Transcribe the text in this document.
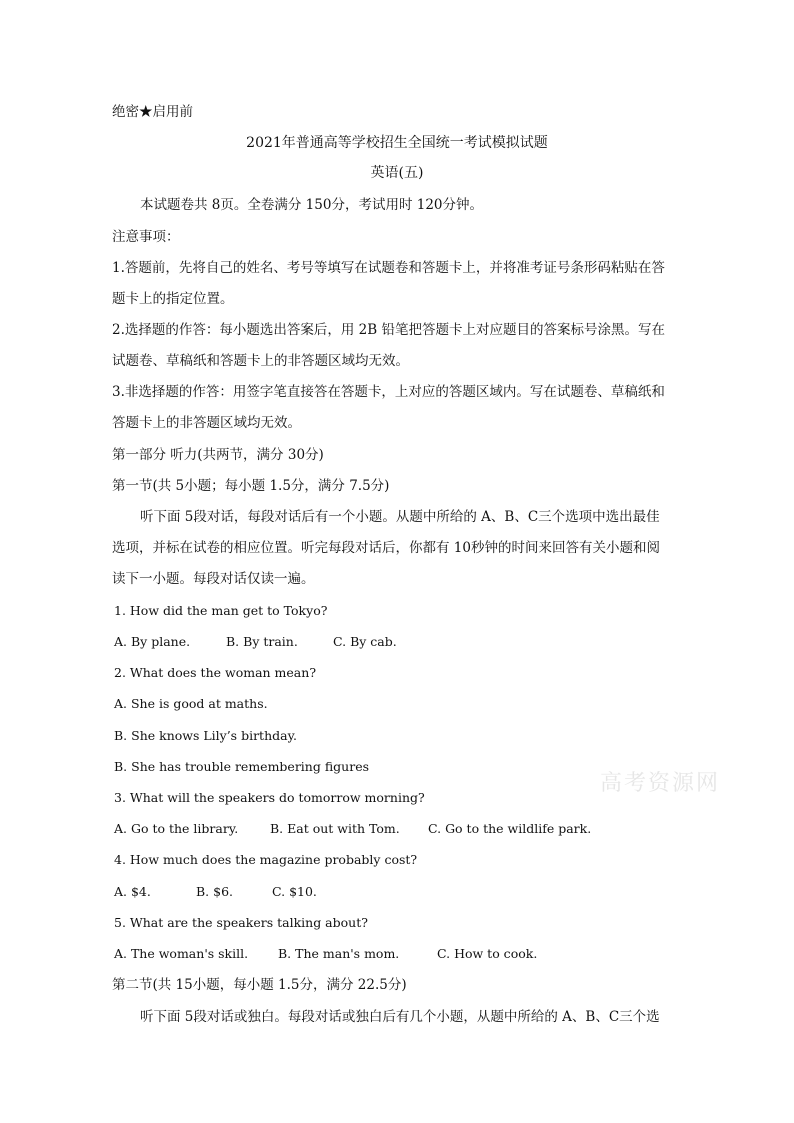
高考资源网
绝密★启用前
2021年普通高等学校招生全国统一考试模拟试题
英语(五)
本试题卷共 8页。全卷满分 150分，考试用时 120分钟。
注意事项：
1.答题前，先将自己的姓名、考号等填写在试题卷和答题卡上，并将准考证号条形码粘贴在答
题卡上的指定位置。
2.选择题的作答：每小题选出答案后，用 2B 铅笔把答题卡上对应题目的答案标号涂黑。写在
试题卷、草稿纸和答题卡上的非答题区域均无效。
3.非选择题的作答：用签字笔直接答在答题卡，上对应的答题区域内。写在试题卷、草稿纸和
答题卡上的非答题区域均无效。
第一部分 听力(共两节，满分 30分)
第一节(共 5小题；每小题 1.5分，满分 7.5分)
听下面 5段对话，每段对话后有一个小题。从题中所给的 A、B、C三个选项中选出最佳
选项，并标在试卷的相应位置。听完每段对话后，你都有 10秒钟的时间来回答有关小题和阅
读下一小题。每段对话仅读一遍。
1. How did the man get to Tokyo?
A. By plane.	B. By train.	C. By cab.
2. What does the woman mean?
A. She is good at maths.
B. She knows Lily’s birthday.
B. She has trouble remembering figures
3. What will the speakers do tomorrow morning?
A. Go to the library.	B. Eat out with Tom. C. Go to the wildlife park.
4. How much does the magazine probably cost?
A. $4.	B. $6.	C. $10.
5. What are the speakers talking about?
A. The woman's skill. B. The man's mom.	C. How to cook.
第二节(共 15小题，每小题 1.5分，满分 22.5分)
听下面 5段对话或独白。每段对话或独白后有几个小题，从题中所给的 A、B、C三个选
